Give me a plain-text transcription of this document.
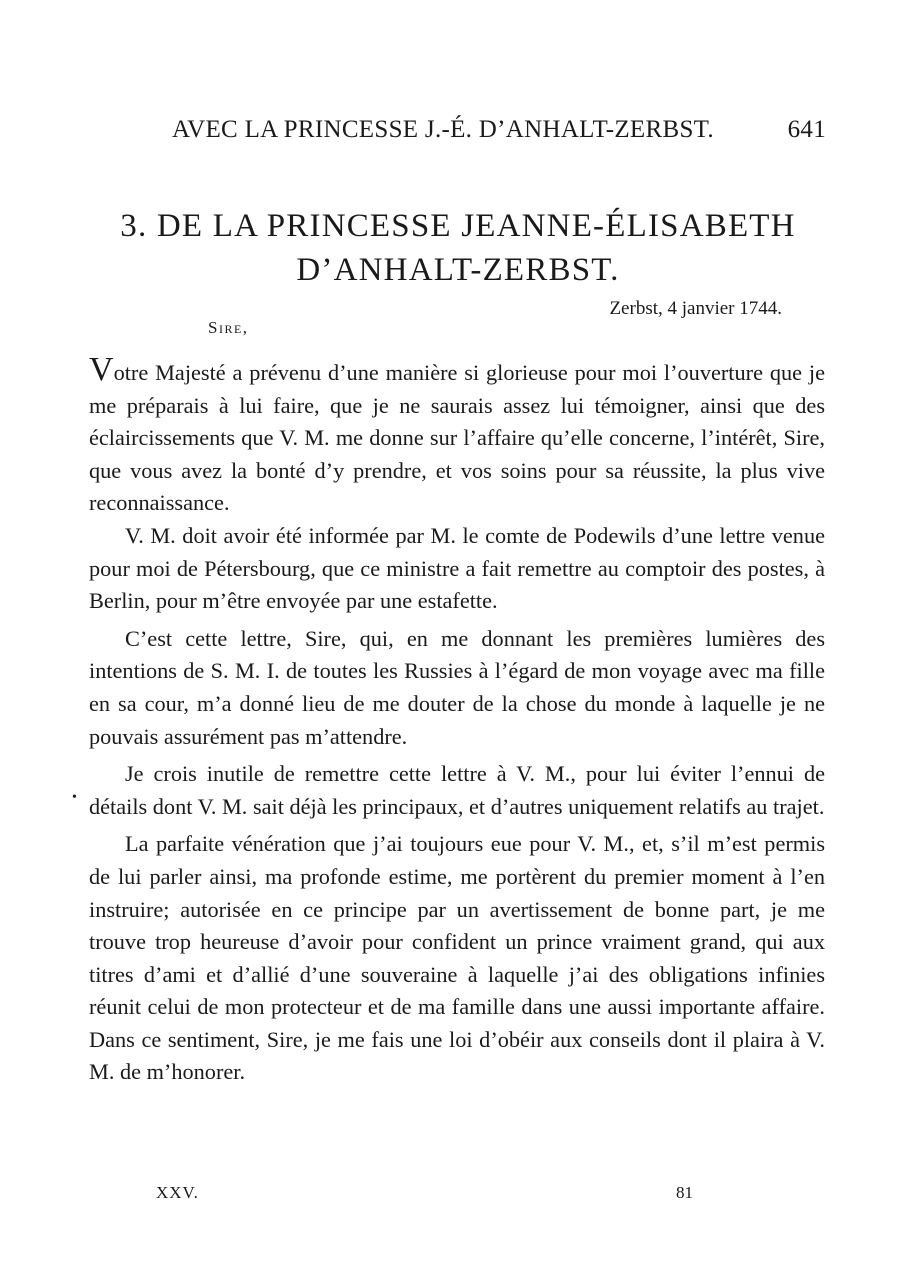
AVEC LA PRINCESSE J.-É. D’ANHALT-ZERBST.	641
3. DE LA PRINCESSE JEANNE-ÉLISABETH
D’ANHALT-ZERBST.
Zerbst, 4 janvier 1744.
Sire,
•

Votre Majesté a prévenu d’une manière si glorieuse pour moi l’ouverture que je me préparais à lui faire, que je ne saurais assez lui témoigner, ainsi que des éclaircissements que V. M. me donne sur l’affaire qu’elle concerne, l’intérêt, Sire, que vous avez la bonté d’y prendre, et vos soins pour sa réussite, la plus vive reconnaissance.

V. M. doit avoir été informée par M. le comte de Podewils d’une lettre venue pour moi de Pétersbourg, que ce ministre a fait remettre au comptoir des postes, à Berlin, pour m’être envoyée par une estafette.

C’est cette lettre, Sire, qui, en me donnant les premières lumières des intentions de S. M. I. de toutes les Russies à l’égard de mon voyage avec ma fille en sa cour, m’a donné lieu de me douter de la chose du monde à laquelle je ne pouvais assurément pas m’attendre.

Je crois inutile de remettre cette lettre à V. M., pour lui éviter l’ennui de détails dont V. M. sait déjà les principaux, et d’autres uniquement relatifs au trajet.

La parfaite vénération que j’ai toujours eue pour V. M., et, s’il m’est permis de lui parler ainsi, ma profonde estime, me portèrent du premier moment à l’en instruire; autorisée en ce principe par un avertissement de bonne part, je me trouve trop heureuse d’avoir pour confident un prince vraiment grand, qui aux titres d’ami et d’allié d’une souveraine à laquelle j’ai des obligations infinies réunit celui de mon protecteur et de ma famille dans une aussi importante affaire. Dans ce sentiment, Sire, je me fais une loi d’obéir aux conseils dont il plaira à V. M. de m’honorer.

XXV.	81
